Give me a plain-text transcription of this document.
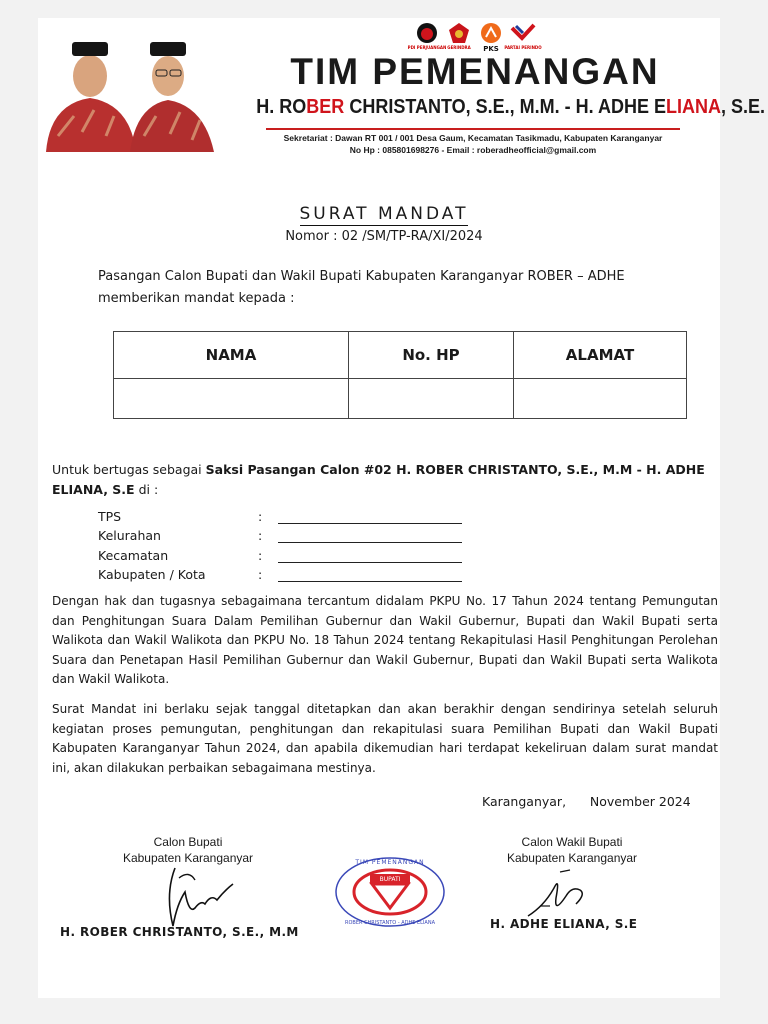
PDI PERJUANGAN GERINDRA PKS PARTAI PERINDO
TIM PEMENANGAN
H. ROBER CHRISTANTO, S.E., M.M. - H. ADHE ELIANA, S.E.
Sekretariat : Dawan RT 001 / 001 Desa Gaum, Kecamatan Tasikmadu, Kabupaten Karanganyar
No Hp : 085801698276 - Email : roberadheofficial@gmail.com
SURAT MANDAT
Nomor : 02 /SM/TP-RA/XI/2024
Pasangan Calon Bupati dan Wakil Bupati Kabupaten Karanganyar ROBER – ADHE memberikan mandat kepada :
NAMA	No. HP	ALAMAT

Untuk bertugas sebagai Saksi Pasangan Calon #02 H. ROBER CHRISTANTO, S.E., M.M - H. ADHE ELIANA, S.E di :
TPS	:
Kelurahan	:
Kecamatan	:
Kabupaten / Kota	:
Dengan hak dan tugasnya sebagaimana tercantum didalam PKPU No. 17 Tahun 2024 tentang Pemungutan dan Penghitungan Suara Dalam Pemilihan Gubernur dan Wakil Gubernur, Bupati dan Wakil Bupati serta Walikota dan Wakil Walikota dan PKPU No. 18 Tahun 2024 tentang Rekapitulasi Hasil Penghitungan Perolehan Suara dan Penetapan Hasil Pemilihan Gubernur dan Wakil Gubernur, Bupati dan Wakil Bupati serta Walikota dan Wakil Walikota.
Surat Mandat ini berlaku sejak tanggal ditetapkan dan akan berakhir dengan sendirinya setelah seluruh kegiatan proses pemungutan, penghitungan dan rekapitulasi suara Pemilihan Bupati dan Wakil Bupati Kabupaten Karanganyar Tahun 2024, dan apabila dikemudian hari terdapat kekeliruan dalam surat mandat ini, akan dilakukan perbaikan sebagaimana mestinya.
Karanganyar,      November 2024
Calon Bupati
Kabupaten Karanganyar
Calon Wakil Bupati
Kabupaten Karanganyar
BUPATI
TIM PEMENANGAN
ROBER CHRISTANTO - ADHE ELIANA
H. ROBER CHRISTANTO, S.E., M.M
H. ADHE ELIANA, S.E
